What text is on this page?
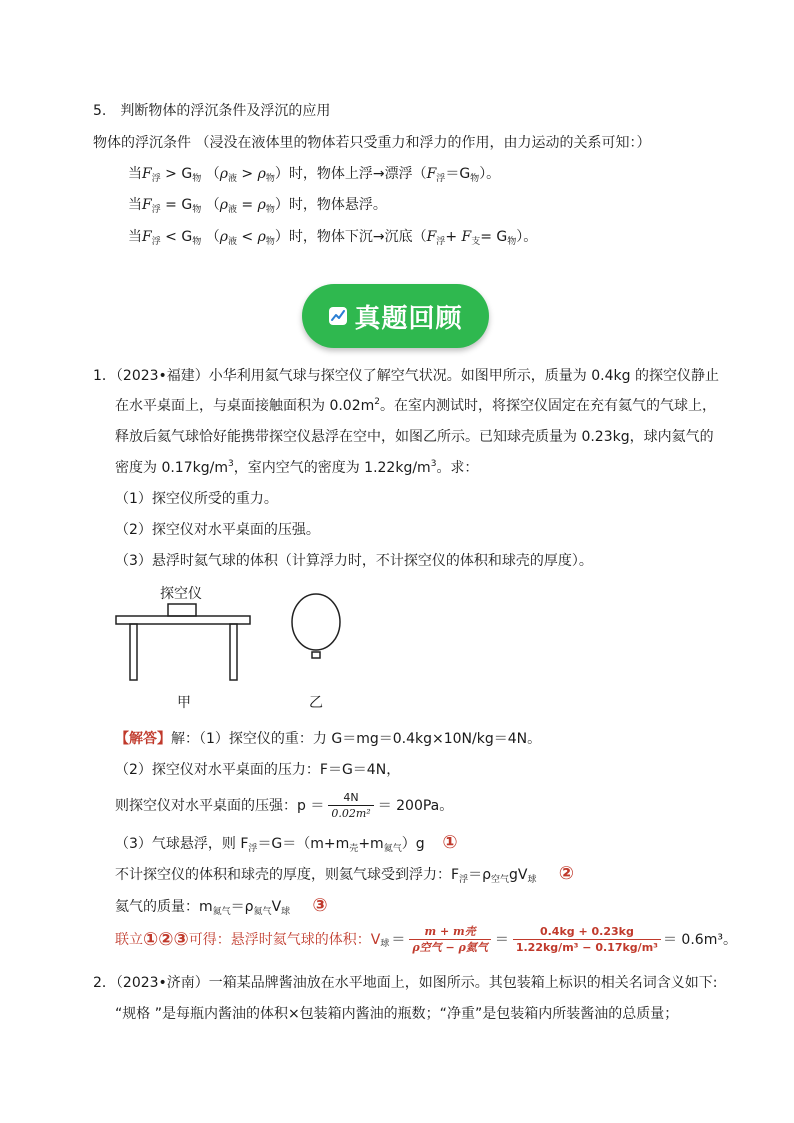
5.　判断物体的浮沉条件及浮沉的应用
物体的浮沉条件 （浸没在液体里的物体若只受重力和浮力的作用，由力运动的关系可知：）
当$F_浮 > G_物$ $(\rho_液 > \rho_物)$时，物体上浮→漂浮$(F_浮=G_物)$。
当$F_浮 = G_物$ $(\rho_液 = \rho_物)$时，物体悬浮。
当$F_浮 < G_物$ $(\rho_液 < \rho_物)$时，物体下沉→沉底$(F_浮+ F_支= G_物)$。
真题回顾
1．（2023•福建）小华利用氦气球与探空仪了解空气状况。如图甲所示，质量为 0.4kg 的探空仪静止
在水平桌面上，与桌面接触面积为 $0.02m^2$。在室内测试时，将探空仪固定在充有氦气的气球上，
释放后氦气球恰好能携带探空仪悬浮在空中，如图乙所示。已知球壳质量为 0.23kg，球内氦气的
密度为 $0.17kg/m^3$，室内空气的密度为 $1.22kg/m^3$。求：
（1）探空仪所受的重力。
（2）探空仪对水平桌面的压强。
（3）悬浮时氦气球的体积（计算浮力时，不计探空仪的体积和球壳的厚度）。
探空仪
甲	乙
【解答】解：（1）探空仪的重：力 G＝mg＝0.4kg×10N/kg＝4N。
（2）探空仪对水平桌面的压力：F＝G＝4N，
则探空仪对水平桌面的压强：$p = \frac{4N}{\text{0.02m²}} = 200Pa$。
（3）气球悬浮，则 $F_浮=G=(m+m_壳+m_{氦气})g$ ①
不计探空仪的体积和球壳的厚度，则氦气球受到浮力：$F_浮=\rho_{空气}gV_球$ ②
氦气的质量：$m_{氦气}=\rho_{氦气}V_球$ ③
联立 ①②③ 可得：悬浮时氦气球的体积：V 球 ＝ $\frac{\text{m + m壳}}{\text{ρ空气 − ρ氦气}} = \frac{0.4kg + 0.23kg}{\text{1.22kg/m³ − 0.17kg/m³}} = 0.6m^3$。
2．（2023•济南）一箱某品牌酱油放在水平地面上，如图所示。其包装箱上标识的相关名词含义如下:
“规格 ”是每瓶内酱油的体积×包装箱内酱油的瓶数；“净重”是包装箱内所装酱油的总质量；
